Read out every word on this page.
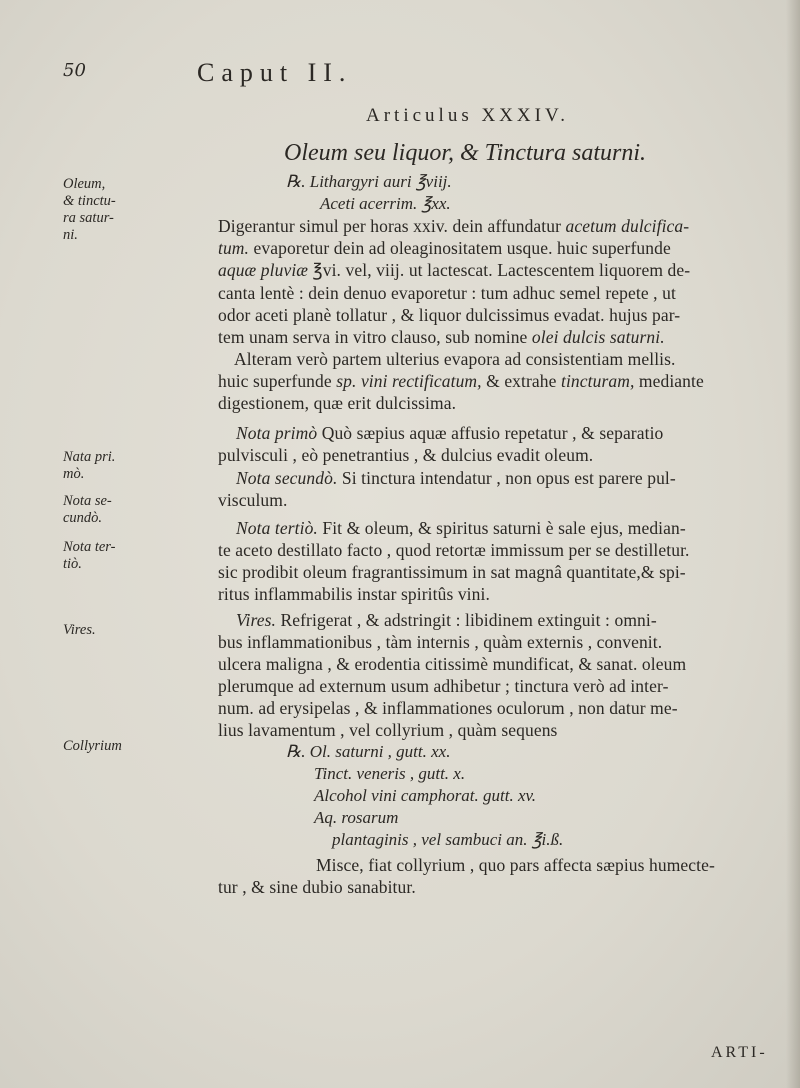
50	Caput II.
Articulus XXXIV.
Oleum seu liquor, & Tinctura saturni.
Oleum,
& tinctu-
ra satur-
ni.
Nata pri.
mò.
Nota se-
cundò.
Nota ter-
tiò.
Vires.
Collyrium
℞. Lithargyri auri ℥viij.
Aceti acerrim. ℥xx.
Digerantur simul per horas xxiv. dein affundatur acetum dulcifica-
tum. evaporetur dein ad oleaginositatem usque. huic superfunde
aquæ pluviæ ℥vi. vel, viij. ut lactescat. Lactescentem liquorem de-
canta lentè : dein denuo evaporetur : tum adhuc semel repete , ut
odor aceti planè tollatur , & liquor dulcissimus evadat. hujus par-
tem unam serva in vitro clauso, sub nomine olei dulcis saturni.
Alteram verò partem ulterius evapora ad consistentiam mellis.
huic superfunde sp. vini rectificatum, & extrahe tincturam, mediante
digestionem, quæ erit dulcissima.
Nota primò Quò sæpius aquæ affusio repetatur , & separatio
pulvisculi , eò penetrantius , & dulcius evadit oleum.
Nota secundò. Si tinctura intendatur , non opus est parere pul-
visculum.
Nota tertiò. Fit & oleum, & spiritus saturni è sale ejus, median-
te aceto destillato facto , quod retortæ immissum per se destilletur.
sic prodibit oleum fragrantissimum in sat magnâ quantitate,& spi-
ritus inflammabilis instar spiritûs vini.
Vires. Refrigerat , & adstringit : libidinem extinguit : omni-
bus inflammationibus , tàm internis , quàm externis , convenit.
ulcera maligna , & erodentia citissimè mundificat, & sanat. oleum
plerumque ad externum usum adhibetur ; tinctura verò ad inter-
num. ad erysipelas , & inflammationes oculorum , non datur me-
lius lavamentum , vel collyrium , quàm sequens
℞. Ol. saturni , gutt. xx.
Tinct. veneris , gutt. x.
Alcohol vini camphorat. gutt. xv.
Aq. rosarum
plantaginis , vel sambuci an. ℥i.ß.
Misce, fiat collyrium , quo pars affecta sæpius humecte-
tur , & sine dubio sanabitur.
ARTI-
